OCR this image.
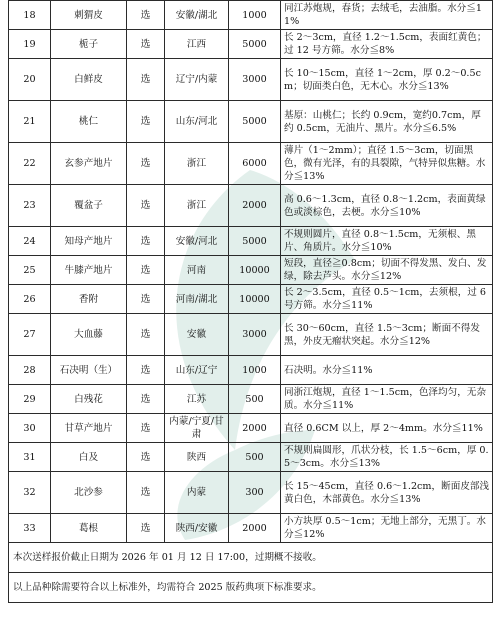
18	刺猬皮	选	安徽/湖北	1000	同江苏炮规，春货；去绒毛，去油脂。水分≦11%
19	栀子	选	江西	5000	长 2～3cm，直径 1.2～1.5cm，表面红黄色；过 12 号方筛。水分≦8%
20	白鲜皮	选	辽宁/内蒙	3000	长 10～15cm，直径 1～2cm，厚 0.2～0.5cm；切面类白色，无木心。水分≦13%
21	桃仁	选	山东/河北	5000	基原：山桃仁；长约 0.9cm，宽约0.7cm，厚约 0.5cm，无油片、黑片。水分≦6.5%
22	玄参产地片	选	浙江	6000	薄片（1～2mm）；直径 1.5～3cm，切面黑色，微有光泽，有的具裂隙，气特异似焦糖。水分≦13%
23	覆盆子	选	浙江	2000	高 0.6～1.3cm，直径 0.8～1.2cm，表面黄绿色或淡棕色，去梗。水分≦10%
24	知母产地片	选	安徽/河北	5000	不规则圆片，直径 0.8～1.5cm，无须根、黑片、角质片。水分≦10%
25	牛膝产地片	选	河南	10000	短段，直径≧0.8cm；切面不得发黑、发白、发绿，除去芦头。水分≦12%
26	香附	选	河南/湖北	10000	长 2～3.5cm，直径 0.5～1cm，去须根，过 6 号方筛。水分≦11%
27	大血藤	选	安徽	3000	长 30～60cm，直径 1.5～3cm；断面不得发黑，外皮无瘤状突起。水分≦12%
28	石决明（生）	选	山东/辽宁	1000	石决明。水分≦11%
29	白残花	选	江苏	500	同浙江炮规，直径 1～1.5cm，色泽均匀，无杂质。水分≦11%
30	甘草产地片	选	内蒙/宁夏/甘肃	2000	直径 0.6CM 以上，厚 2～4mm。水分≦11%
31	白及	选	陕西	500	不规则扁圆形，爪状分枝，长 1.5～6cm，厚 0.5～3cm。水分≦13%
32	北沙参	选	内蒙	300	长 15～45cm，直径 0.6～1.2cm，断面皮部浅黄白色，木部黄色。水分≦13%
33	葛根	选	陕西/安徽	2000	小方块厚 0.5～1cm；无地上部分，无黑丁。水分≦12%
本次送样报价截止日期为 2026 年 01 月 12 日 17:00，过期概不接收。					
以上品种除需要符合以上标准外，均需符合 2025 版药典项下标准要求。					
